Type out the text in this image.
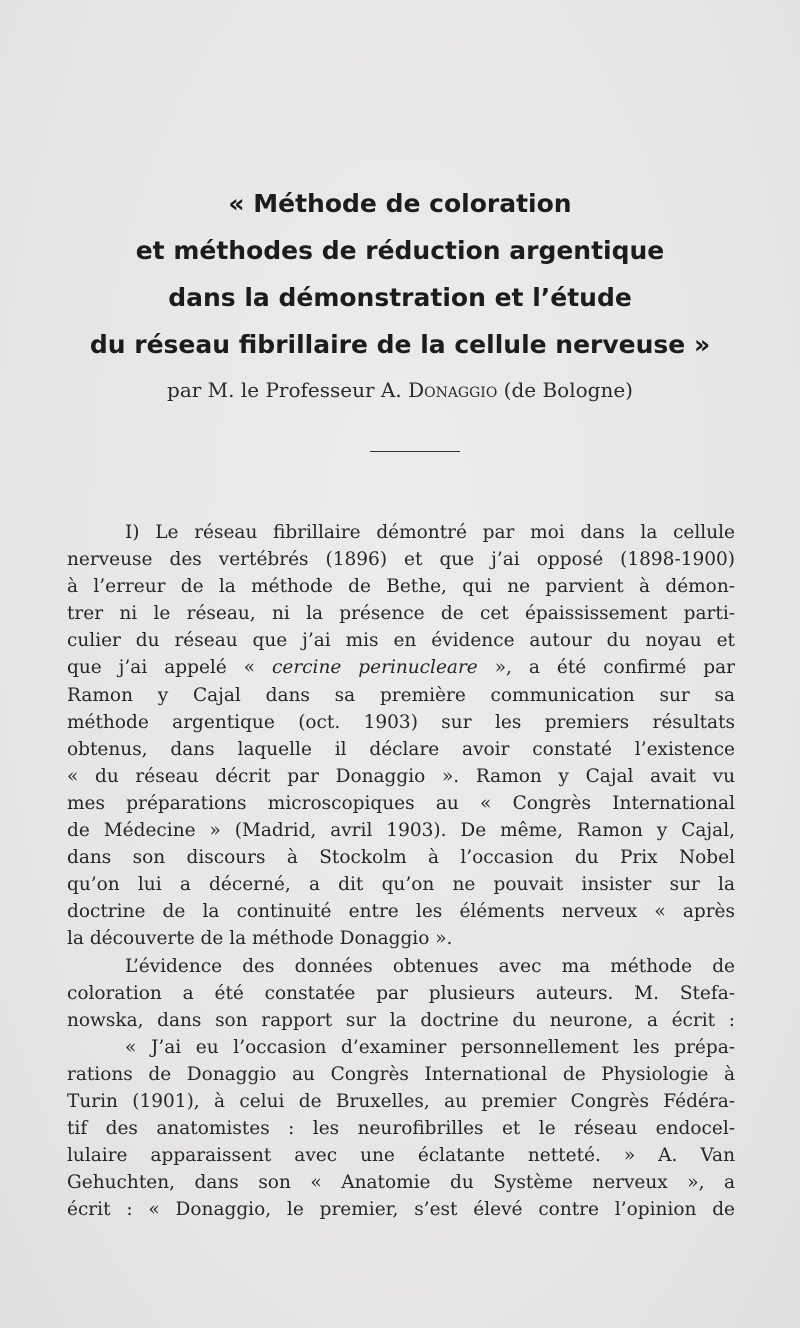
« Méthode de coloration
et méthodes de réduction argentique
dans la démonstration et l’étude
du réseau fibrillaire de la cellule nerveuse »
par M. le Professeur A. Donaggio (de Bologne)

I) Le réseau fibrillaire démontré par moi dans la cellule
nerveuse des vertébrés (1896) et que j’ai opposé (1898-1900)
à l’erreur de la méthode de Bethe, qui ne parvient à démon-
trer ni le réseau, ni la présence de cet épaississement parti-
culier du réseau que j’ai mis en évidence autour du noyau et
que j’ai appelé « cercine perinucleare », a été confirmé par
Ramon y Cajal dans sa première communication sur sa
méthode argentique (oct. 1903) sur les premiers résultats
obtenus, dans laquelle il déclare avoir constaté l’existence
« du réseau décrit par Donaggio ». Ramon y Cajal avait vu
mes préparations microscopiques au « Congrès International
de Médecine » (Madrid, avril 1903). De même, Ramon y Cajal,
dans son discours à Stockolm à l’occasion du Prix Nobel
qu’on lui a décerné, a dit qu’on ne pouvait insister sur la
doctrine de la continuité entre les éléments nerveux « après
la découverte de la méthode Donaggio ».

L’évidence des données obtenues avec ma méthode de
coloration a été constatée par plusieurs auteurs. M. Stefa-
nowska, dans son rapport sur la doctrine du neurone, a écrit :

« J’ai eu l’occasion d’examiner personnellement les prépa-
rations de Donaggio au Congrès International de Physiologie à
Turin (1901), à celui de Bruxelles, au premier Congrès Fédéra-
tif des anatomistes : les neurofibrilles et le réseau endocel-
lulaire apparaissent avec une éclatante netteté. » A. Van
Gehuchten, dans son « Anatomie du Système nerveux », a
écrit : « Donaggio, le premier, s’est élevé contre l’opinion de
